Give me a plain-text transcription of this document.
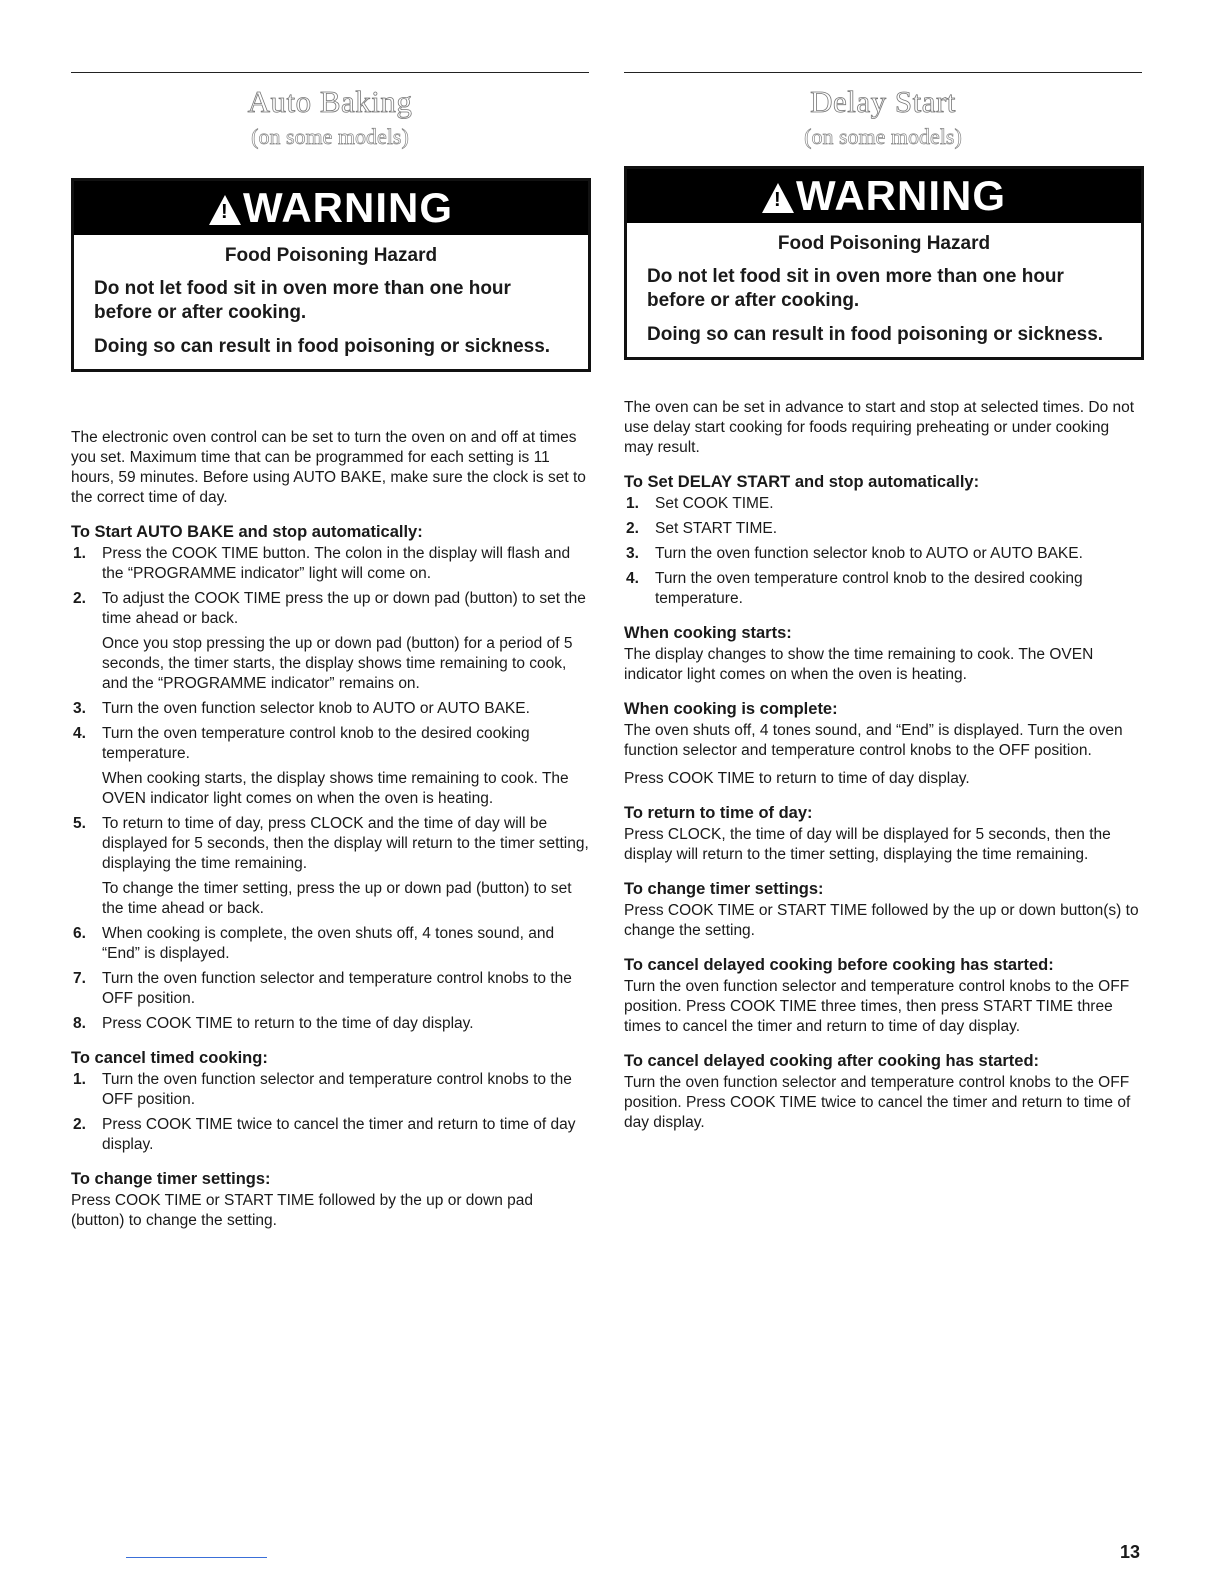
Auto Baking
(on some models)
!WARNING
Food Poisoning Hazard
Do not let food sit in oven more than one hour before or after cooking.
Doing so can result in food poisoning or sickness.

The electronic oven control can be set to turn the oven on and off at times you set. Maximum time that can be programmed for each setting is 11 hours, 59 minutes. Before using AUTO BAKE, make sure the clock is set to the correct time of day.

To Start AUTO BAKE and stop automatically:
1. Press the COOK TIME button. The colon in the display will flash and the “PROGRAMME indicator” light will come on.
2. To adjust the COOK TIME press the up or down pad (button) to set the time ahead or back.
Once you stop pressing the up or down pad (button) for a period of 5 seconds, the timer starts, the display shows time remaining to cook, and the “PROGRAMME indicator” remains on.
3. Turn the oven function selector knob to AUTO or AUTO BAKE.
4. Turn the oven temperature control knob to the desired cooking temperature.
When cooking starts, the display shows time remaining to cook. The OVEN indicator light comes on when the oven is heating.
5. To return to time of day, press CLOCK and the time of day will be displayed for 5 seconds, then the display will return to the timer setting, displaying the time remaining.
To change the timer setting, press the up or down pad (button) to set the time ahead or back.
6. When cooking is complete, the oven shuts off, 4 tones sound, and “End” is displayed.
7. Turn the oven function selector and temperature control knobs to the OFF position.
8. Press COOK TIME to return to the time of day display.
To cancel timed cooking:
1. Turn the oven function selector and temperature control knobs to the OFF position.
2. Press COOK TIME twice to cancel the timer and return to time of day display.
To change timer settings:

Press COOK TIME or START TIME followed by the up or down pad (button) to change the setting.

Delay Start
(on some models)
!WARNING
Food Poisoning Hazard
Do not let food sit in oven more than one hour before or after cooking.
Doing so can result in food poisoning or sickness.

The oven can be set in advance to start and stop at selected times. Do not use delay start cooking for foods requiring preheating or under cooking may result.

To Set DELAY START and stop automatically:
1. Set COOK TIME.
2. Set START TIME.
3. Turn the oven function selector knob to AUTO or AUTO BAKE.
4. Turn the oven temperature control knob to the desired cooking temperature.
When cooking starts:

The display changes to show the time remaining to cook. The OVEN indicator light comes on when the oven is heating.

When cooking is complete:

The oven shuts off, 4 tones sound, and “End” is displayed. Turn the oven function selector and temperature control knobs to the OFF position.

Press COOK TIME to return to time of day display.

To return to time of day:

Press CLOCK, the time of day will be displayed for 5 seconds, then the display will return to the timer setting, displaying the time remaining.

To change timer settings:

Press COOK TIME or START TIME followed by the up or down button(s) to change the setting.

To cancel delayed cooking before cooking has started:

Turn the oven function selector and temperature control knobs to the OFF position. Press COOK TIME three times, then press START TIME three times to cancel the timer and return to time of day display.

To cancel delayed cooking after cooking has started:

Turn the oven function selector and temperature control knobs to the OFF position. Press COOK TIME twice to cancel the timer and return to time of day display.

13
